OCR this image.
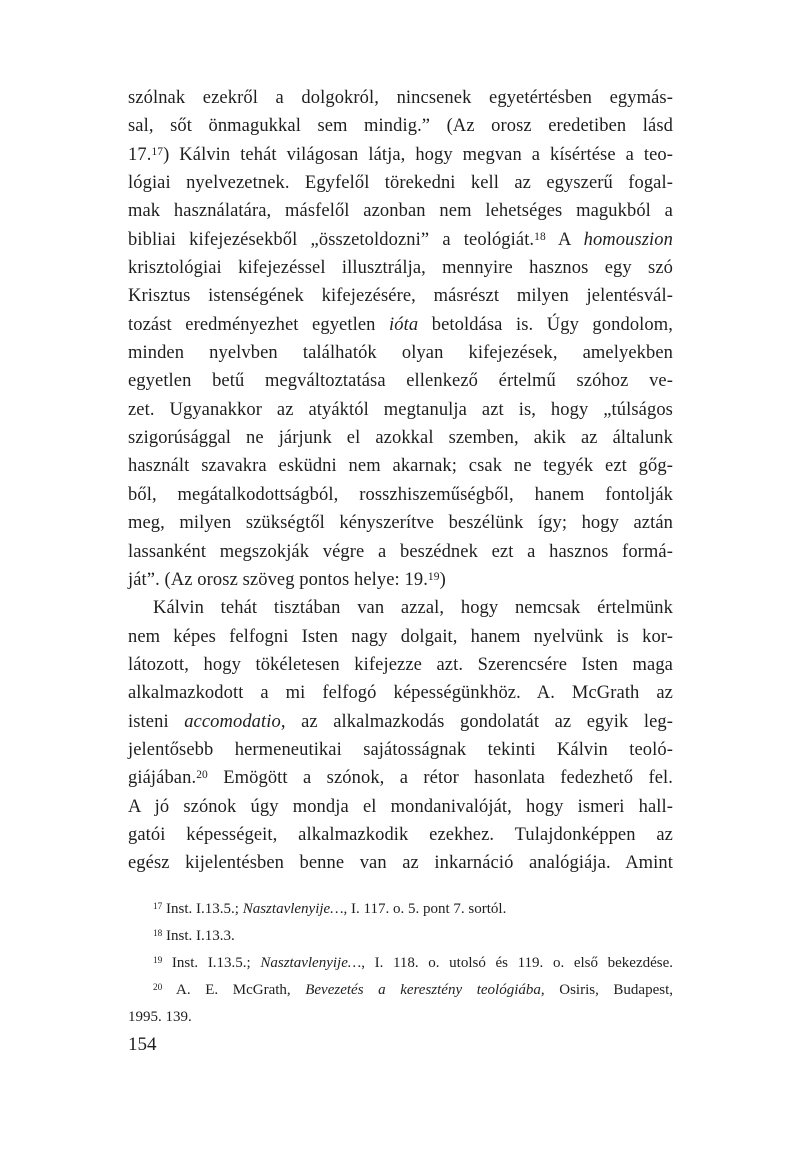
szólnak ezekről a dolgokról, nincsenek egyetértésben egymás-
sal, sőt önmagukkal sem mindig.” (Az orosz eredetiben lásd
17.17) Kálvin tehát világosan látja, hogy megvan a kísértése a teo-
lógiai nyelvezetnek. Egyfelől törekedni kell az egyszerű fogal-
mak használatára, másfelől azonban nem lehetséges magukból a
bibliai kifejezésekből „összetoldozni” a teológiát.$^{18}$ A homouszion
krisztológiai kifejezéssel illusztrálja, mennyire hasznos egy szó
Krisztus istenségének kifejezésére, másrészt milyen jelentésvál-
tozást eredményezhet egyetlen ióta betoldása is. Úgy gondolom,
minden nyelvben találhatók olyan kifejezések, amelyekben
egyetlen betű megváltoztatása ellenkező értelmű szóhoz ve-
zet. Ugyanakkor az atyáktól megtanulja azt is, hogy „túlságos
szigorúsággal ne járjunk el azokkal szemben, akik az általunk
használt szavakra esküdni nem akarnak; csak ne tegyék ezt gőg-
ből, megátalkodottságból, rosszhiszeműségből, hanem fontolják
meg, milyen szükségtől kényszerítve beszélünk így; hogy aztán
lassanként megszokják végre a beszédnek ezt a hasznos formá-
ját”. (Az orosz szöveg pontos helye: 19.19)
Kálvin tehát tisztában van azzal, hogy nemcsak értelmünk
nem képes felfogni Isten nagy dolgait, hanem nyelvünk is kor-
látozott, hogy tökéletesen kifejezze azt. Szerencsére Isten maga
alkalmazkodott a mi felfogó képességünkhöz. A. McGrath az
isteni accomodatio, az alkalmazkodás gondolatát az egyik leg-
jelentősebb hermeneutikai sajátosságnak tekinti Kálvin teoló-
giájában.$^{20}$ Emögött a szónok, a rétor hasonlata fedezhető fel.
A jó szónok úgy mondja el mondanivalóját, hogy ismeri hall-
gatói képességeit, alkalmazkodik ezekhez. Tulajdonképpen az
egész kijelentésben benne van az inkarnáció analógiája. Amint
$^{17}$ Inst. I.13.5.; Nasztavlenyije…, I. 117. o. 5. pont 7. sortól.
$^{18}$ Inst. I.13.3.
$^{19}$ Inst. I.13.5.; Nasztavlenyije…, I. 118. o. utolsó és 119. o. első bekezdése.
$^{20}$ A. E. McGrath, Bevezetés a keresztény teológiába, Osiris, Budapest,
1995. 139.
154
